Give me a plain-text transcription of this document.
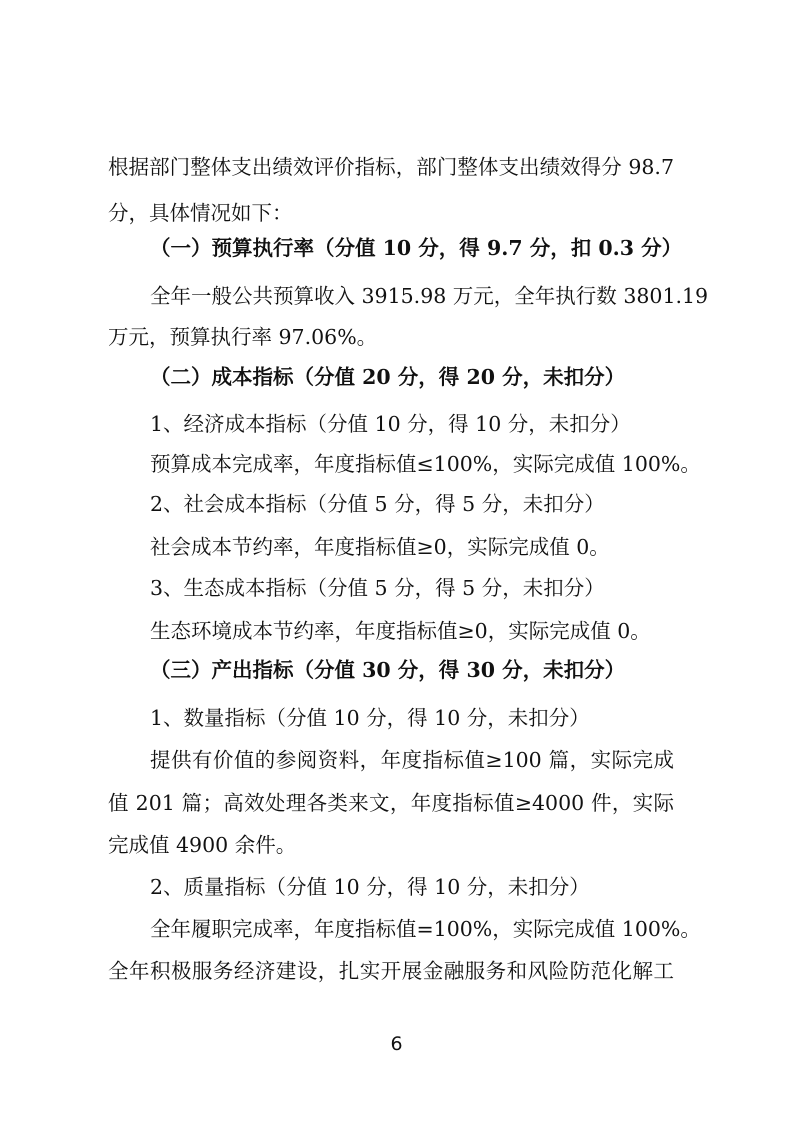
根据部门整体支出绩效评价指标，部门整体支出绩效得分 98.7
分，具体情况如下：
（一）预算执行率（分值 10 分，得 9.7 分，扣 0.3 分）
全年一般公共预算收入 3915.98 万元，全年执行数 3801.19
万元，预算执行率 97.06%。
（二）成本指标（分值 20 分，得 20 分，未扣分）
1、经济成本指标（分值 10 分，得 10 分，未扣分）
预算成本完成率，年度指标值≤100%，实际完成值 100%。
2、社会成本指标（分值 5 分，得 5 分，未扣分）
社会成本节约率，年度指标值≥0，实际完成值 0。
3、生态成本指标（分值 5 分，得 5 分，未扣分）
生态环境成本节约率，年度指标值≥0，实际完成值 0。
（三）产出指标（分值 30 分，得 30 分，未扣分）
1、数量指标（分值 10 分，得 10 分，未扣分）
提供有价值的参阅资料，年度指标值≥100 篇，实际完成
值 201 篇；高效处理各类来文，年度指标值≥4000 件，实际
完成值 4900 余件。
2、质量指标（分值 10 分，得 10 分，未扣分）
全年履职完成率，年度指标值=100%，实际完成值 100%。
全年积极服务经济建设，扎实开展金融服务和风险防范化解工
6
